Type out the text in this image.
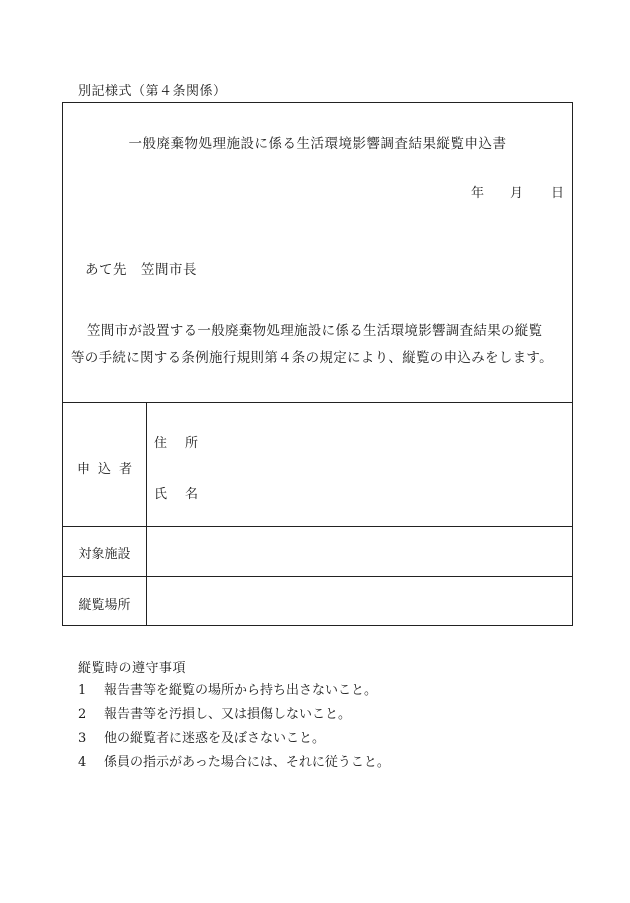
別記様式（第４条関係）
一般廃棄物処理施設に係る生活環境影響調査結果縦覧申込書
年 月 日
あて先 笠間市長

笠間市が設置する一般廃棄物処理施設に係る生活環境影響調査結果の縦覧

等の手続に関する条例施行規則第４条の規定により、縦覧の申込みをします。

申込者
住 所
氏 名
対象施設
縦覧場所
縦覧時の遵守事項
1 報告書等を縦覧の場所から持ち出さないこと。
2 報告書等を汚損し、又は損傷しないこと。
3 他の縦覧者に迷惑を及ぼさないこと。
4 係員の指示があった場合には、それに従うこと。
